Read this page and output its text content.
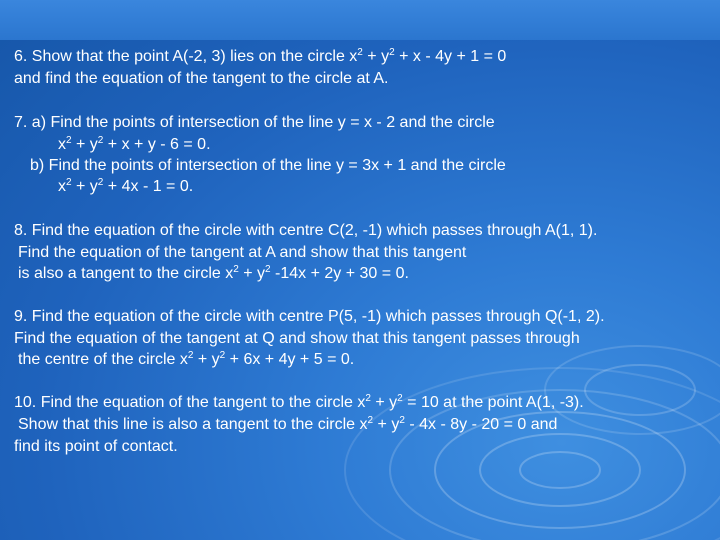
6. Show that the point A(-2, 3) lies on the circle $x^2 + y^2 + x - 4y + 1 = 0$
and find the equation of the tangent to the circle at A.
7. a) Find the points of intersection of the line y = x - 2 and the circle
$x^2 + y^2 + x + y - 6 = 0$.
b) Find the points of intersection of the line y = 3x + 1 and the circle
$x^2 + y^2 + 4x - 1 = 0$.
8. Find the equation of the circle with centre C(2, -1) which passes through A(1, 1).
Find the equation of the tangent at A and show that this tangent
is also a tangent to the circle $x^2 + y^2$ -14x + 2y + 30 = 0.
9. Find the equation of the circle with centre P(5, -1) which passes through Q(-1, 2).
Find the equation of the tangent at Q and show that this tangent passes through
the centre of the circle $x^2 + y^2 + 6x + 4y + 5 = 0$.
10. Find the equation of the tangent to the circle $x^2 + y^2 = 10$ at the point A(1, -3).
Show that this line is also a tangent to the circle $x^2 + y^2 - 4x - 8y - 20 = 0$ and
find its point of contact.
